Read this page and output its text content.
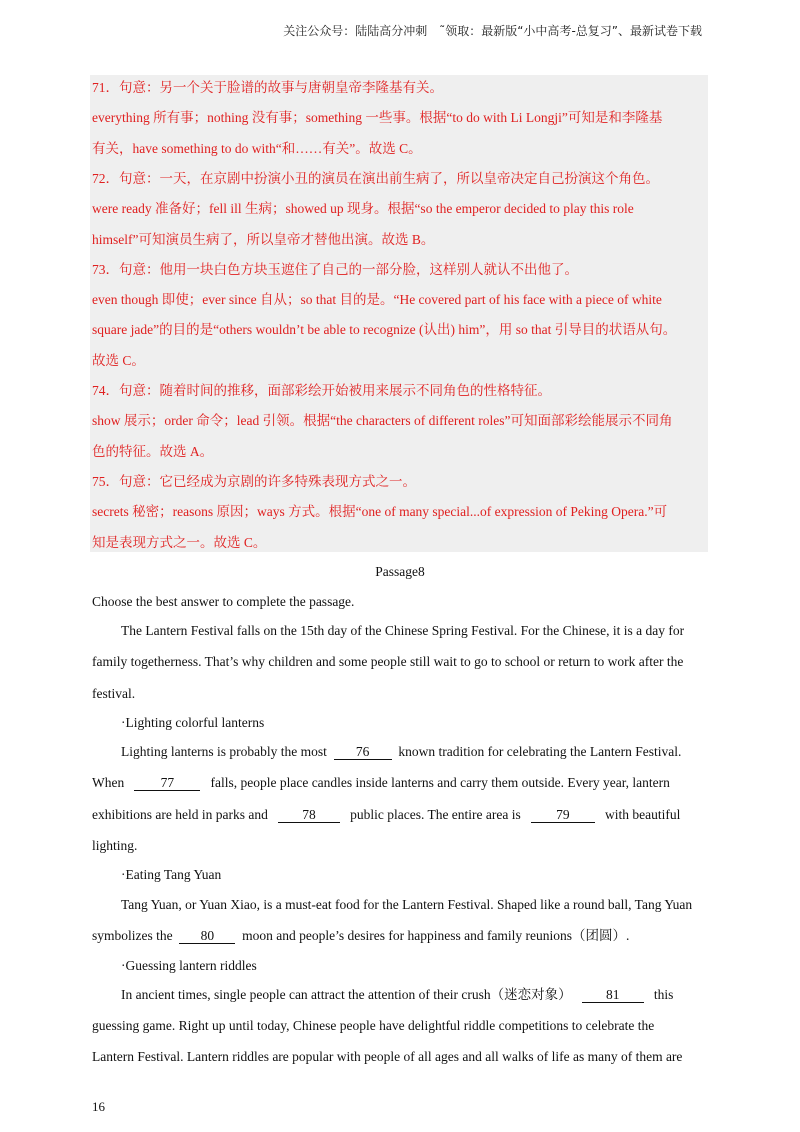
关注公众号：陆陆高分冲刺　˜领取：最新版“小中高考-总复习”、最新试卷下载
71．句意：另一个关于脸谱的故事与唐朝皇帝李隆基有关。
everything 所有事；nothing 没有事；something 一些事。根据“to do with Li Longji”可知是和李隆基
有关，have something to do with“和……有关”。故选 C。
72．句意：一天，在京剧中扮演小丑的演员在演出前生病了，所以皇帝决定自己扮演这个角色。
were ready 准备好；fell ill 生病；showed up 现身。根据“so the emperor decided to play this role
himself”可知演员生病了，所以皇帝才替他出演。故选 B。
73．句意：他用一块白色方块玉遮住了自己的一部分脸，这样别人就认不出他了。
even though 即使；ever since 自从；so that 目的是。“He covered part of his face with a piece of white
square jade”的目的是“others wouldn’t be able to recognize (认出) him”，用 so that 引导目的状语从句。
故选 C。
74．句意：随着时间的推移，面部彩绘开始被用来展示不同角色的性格特征。
show 展示；order 命令；lead 引领。根据“the characters of different roles”可知面部彩绘能展示不同角
色的特征。故选 A。
75．句意：它已经成为京剧的许多特殊表现方式之一。
secrets 秘密；reasons 原因；ways 方式。根据“one of many special...of expression of Peking Opera.”可
知是表现方式之一。故选 C。
Passage8
Choose the best answer to complete the passage.
The Lantern Festival falls on the 15th day of the Chinese Spring Festival. For the Chinese, it is a day for
family togetherness. That’s why children and some people still wait to go to school or return to work after the
festival.
·Lighting colorful lanterns
Lighting lanterns is probably the most 76 known tradition for celebrating the Lantern Festival.
When	77	falls, people place candles inside lanterns and carry them outside. Every year, lantern
exhibitions are held in parks and	78	public places. The entire area is	79	with beautiful
lighting.
·Eating Tang Yuan
Tang Yuan, or Yuan Xiao, is a must-eat food for the Lantern Festival. Shaped like a round ball, Tang Yuan
symbolizes the 80 moon and people’s desires for happiness and family reunions（团圆）.
·Guessing lantern riddles
In ancient times, single people can attract the attention of their crush（迷恋对象）	81	this
guessing game. Right up until today, Chinese people have delightful riddle competitions to celebrate the
Lantern Festival. Lantern riddles are popular with people of all ages and all walks of life as many of them are
16
